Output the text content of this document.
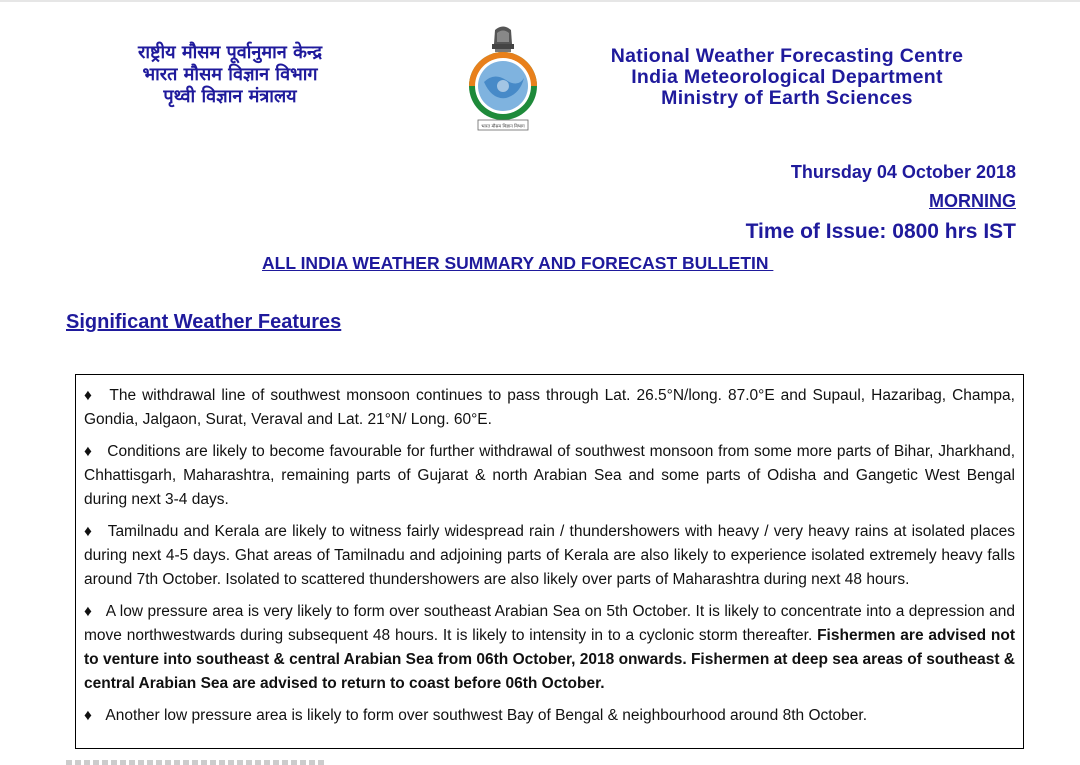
राष्ट्रीय मौसम पूर्वानुमान केन्द्र
भारत मौसम विज्ञान विभाग
पृथ्वी विज्ञान मंत्रालय
भारत मौसम विज्ञान विभाग
National Weather Forecasting Centre
India Meteorological Department
Ministry of Earth Sciences
Thursday 04 October 2018
MORNING
Time of Issue: 0800 hrs IST
ALL INDIA WEATHER SUMMARY AND FORECAST BULLETIN
Significant Weather Features

♦ The withdrawal line of southwest monsoon continues to pass through Lat. 26.5°N/long. 87.0°E and Supaul, Hazaribag, Champa, Gondia, Jalgaon, Surat, Veraval and Lat. 21°N/ Long. 60°E.

♦ Conditions are likely to become favourable for further withdrawal of southwest monsoon from some more parts of Bihar, Jharkhand, Chhattisgarh, Maharashtra, remaining parts of Gujarat & north Arabian Sea and some parts of Odisha and Gangetic West Bengal during next 3-4 days.

♦ Tamilnadu and Kerala are likely to witness fairly widespread rain / thundershowers with heavy / very heavy rains at isolated places during next 4-5 days. Ghat areas of Tamilnadu and adjoining parts of Kerala are also likely to experience isolated extremely heavy falls around 7th October. Isolated to scattered thundershowers are also likely over parts of Maharashtra during next 48 hours.

♦ A low pressure area is very likely to form over southeast Arabian Sea on 5th October. It is likely to concentrate into a depression and move northwestwards during subsequent 48 hours. It is likely to intensity in to a cyclonic storm thereafter. Fishermen are advised not to venture into southeast & central Arabian Sea from 06th October, 2018 onwards. Fishermen at deep sea areas of southeast & central Arabian Sea are advised to return to coast before 06th October.

♦ Another low pressure area is likely to form over southwest Bay of Bengal & neighbourhood around 8th October.
